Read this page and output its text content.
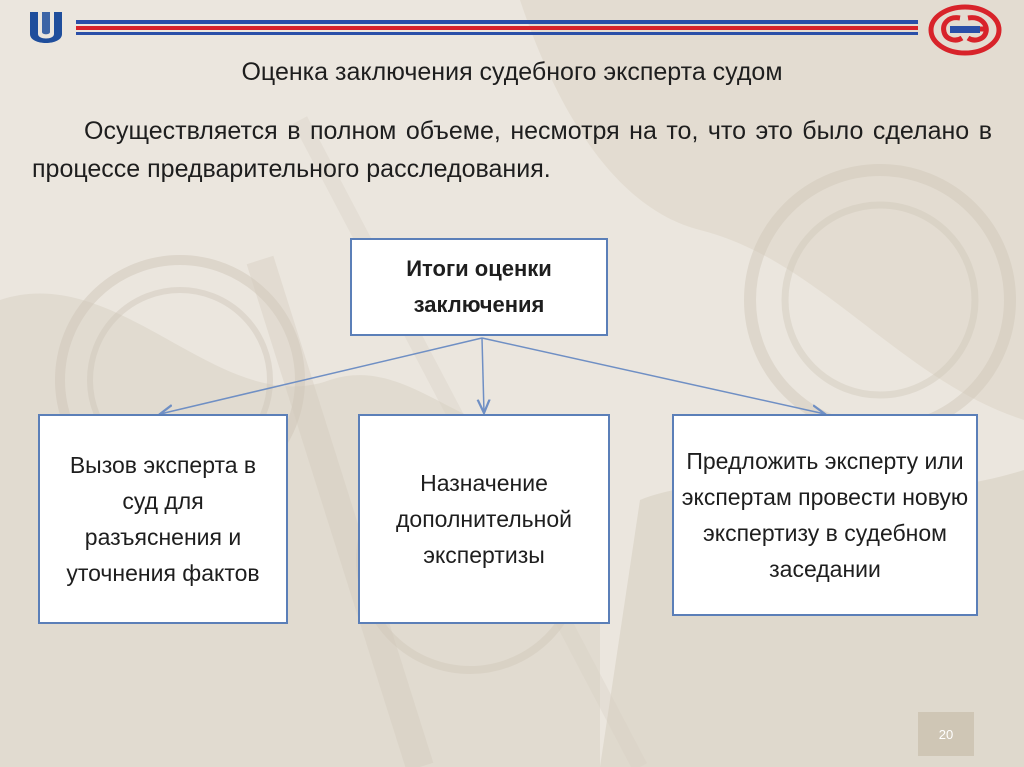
Оценка заключения судебного эксперта судом
Осуществляется в полном объеме, несмотря на то, что это было сделано в процессе предварительного расследования.
Итоги оценки заключения
Вызов эксперта в суд для разъяснения и уточнения фактов
Назначение дополнительной экспертизы
Предложить эксперту или экспертам провести новую экспертизу в судебном заседании
20
